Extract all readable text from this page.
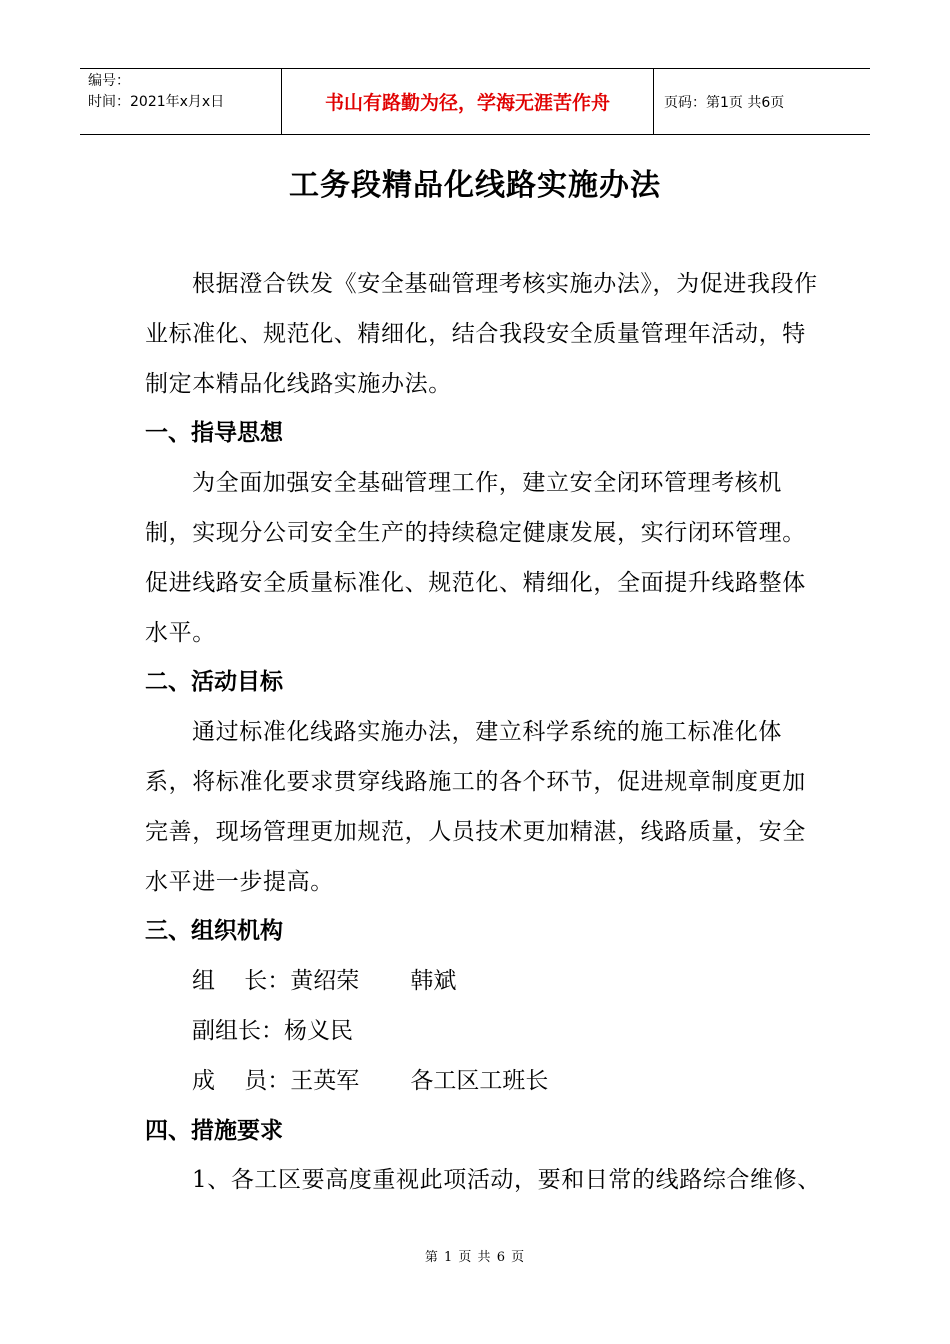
编号：
时间：2021年x月x日	书山有路勤为径，学海无涯苦作舟	页码：第1页 共6页
工务段精品化线路实施办法

根据澄合铁发《安全基础管理考核实施办法》，为促进我段作业标准化、规范化、精细化，结合我段安全质量管理年活动，特制定本精品化线路实施办法。

一、指导思想

为全面加强安全基础管理工作，建立安全闭环管理考核机制，实现分公司安全生产的持续稳定健康发展，实行闭环管理。促进线路安全质量标准化、规范化、精细化，全面提升线路整体水平。

二、活动目标

通过标准化线路实施办法，建立科学系统的施工标准化体系，将标准化要求贯穿线路施工的各个环节，促进规章制度更加完善，现场管理更加规范，人员技术更加精湛，线路质量，安全水平进一步提高。

三、组织机构

组    长：黄绍荣       韩斌

副组长：杨义民

成    员：王英军       各工区工班长

四、措施要求

1、各工区要高度重视此项活动，要和日常的线路综合维修、

第 1 页 共 6 页
